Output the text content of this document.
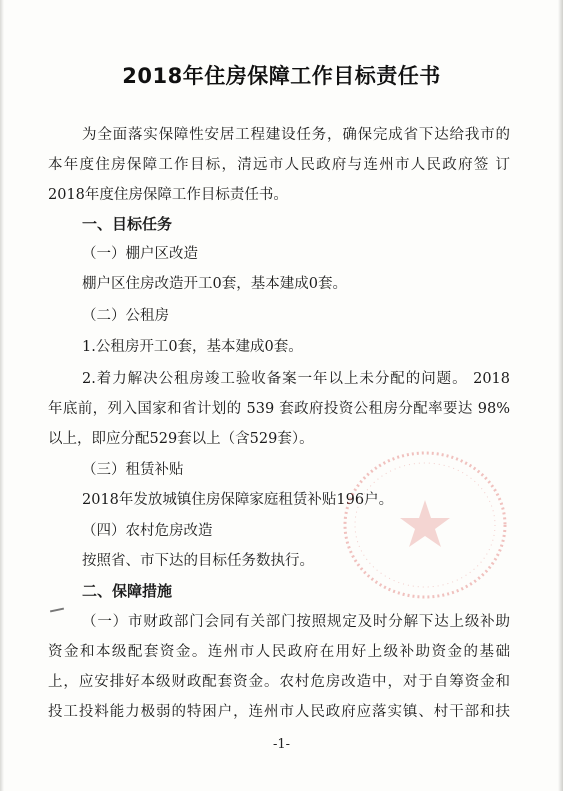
2018年住房保障工作目标责任书
为全面落实保障性安居工程建设任务，确保完成省下达给我市的
本年度住房保障工作目标，清远市人民政府与连州市人民政府签 订
2018年度住房保障工作目标责任书。
一、目标任务
（一）棚户区改造
棚户区住房改造开工0套，基本建成0套。
（二）公租房
1.公租房开工0套，基本建成0套。
2.着力解决公租房竣工验收备案一年以上未分配的问题。 2018
年底前，列入国家和省计划的 539 套政府投资公租房分配率要达 98%
以上，即应分配529套以上（含529套）。
（三）租赁补贴
2018年发放城镇住房保障家庭租赁补贴196户。
（四）农村危房改造
按照省、市下达的目标任务数执行。
二、保障措施
（一）市财政部门会同有关部门按照规定及时分解下达上级补助
资金和本级配套资金。连州市人民政府在用好上级补助资金的基础
上，应安排好本级财政配套资金。农村危房改造中，对于自筹资金和
投工投料能力极弱的特困户，连州市人民政府应落实镇、村干部和扶
-1-
